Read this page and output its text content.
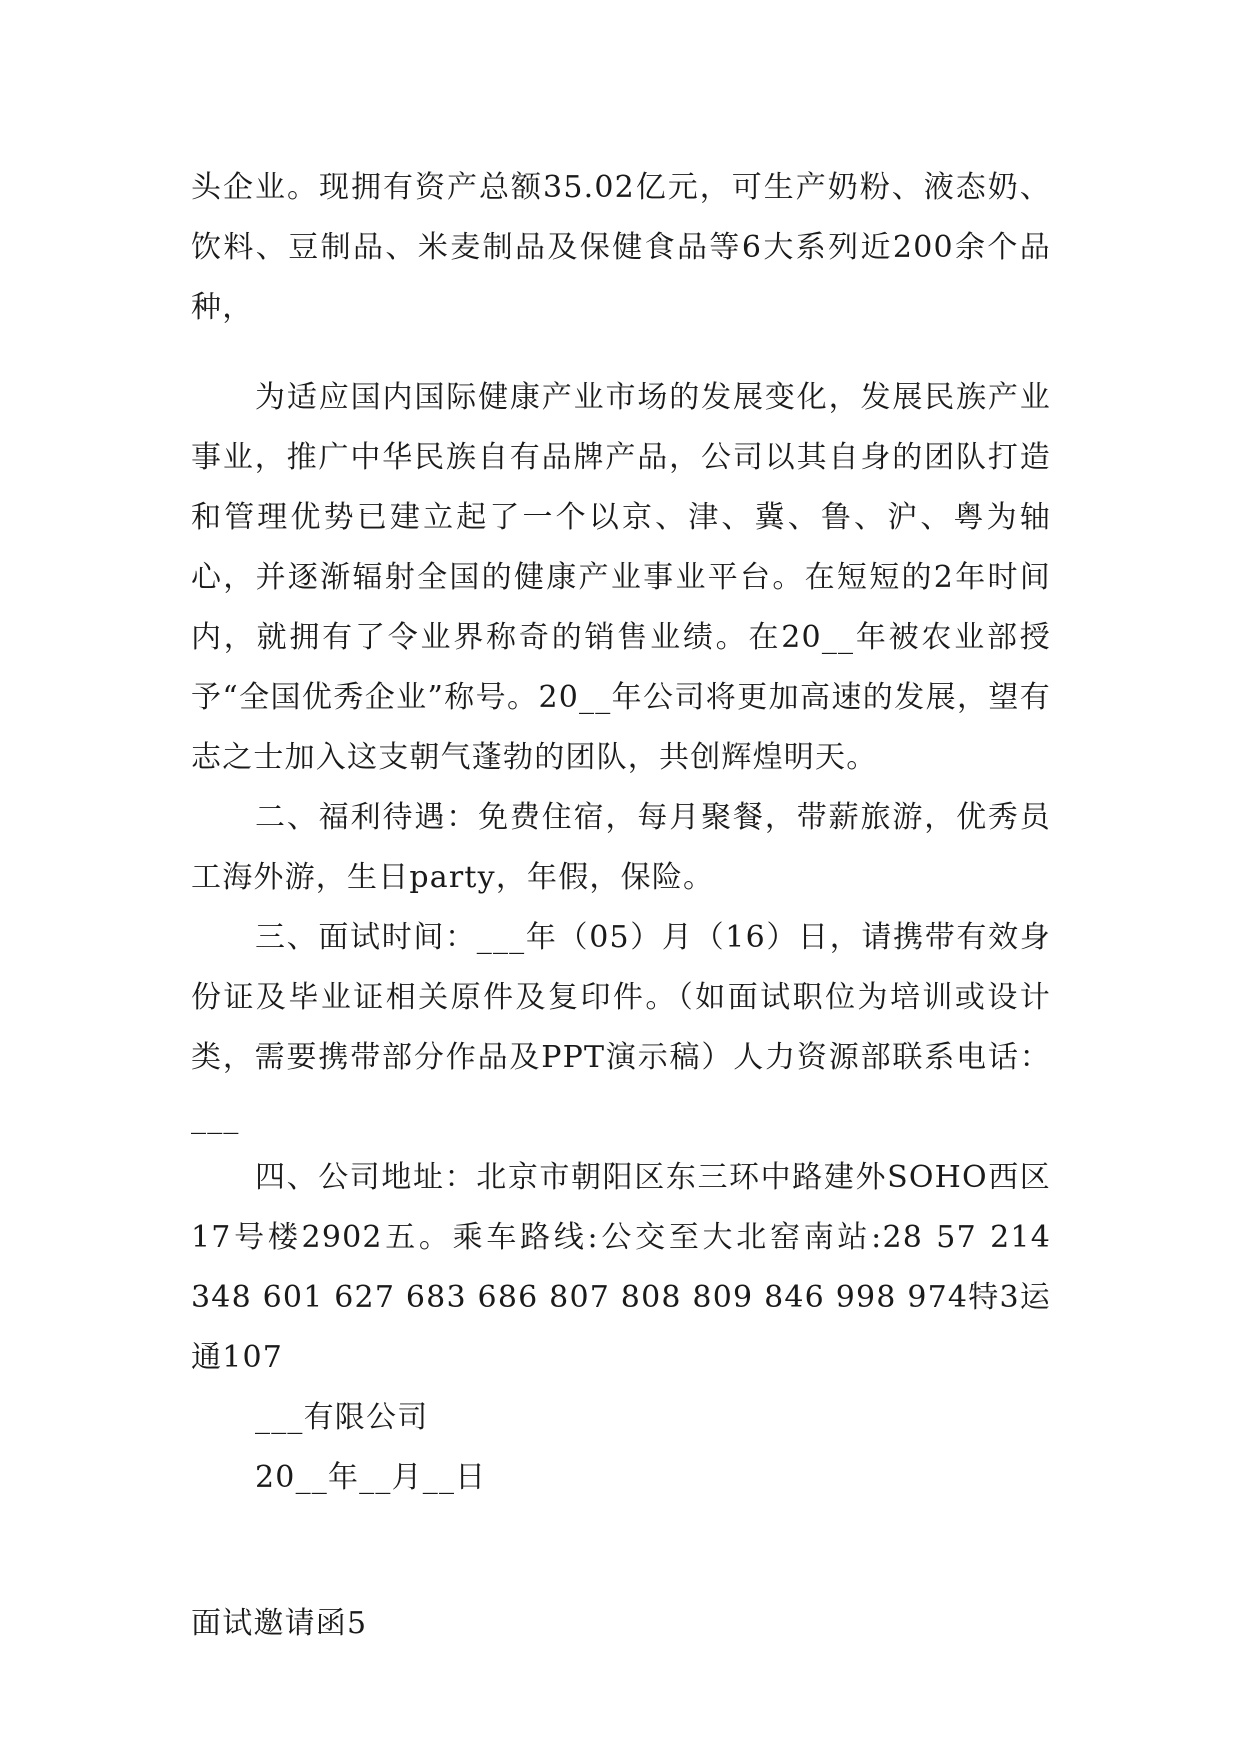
头企业。现拥有资产总额35.02亿元，可生产奶粉、液态奶、饮料、豆制品、米麦制品及保健食品等6大系列近200余个品种，

为适应国内国际健康产业市场的发展变化，发展民族产业事业，推广中华民族自有品牌产品，公司以其自身的团队打造和管理优势已建立起了一个以京、津、冀、鲁、沪、粤为轴心，并逐渐辐射全国的健康产业事业平台。在短短的2年时间内，就拥有了令业界称奇的销售业绩。在20__年被农业部授予“全国优秀企业”称号。20__年公司将更加高速的发展，望有志之士加入这支朝气蓬勃的团队，共创辉煌明天。

二、福利待遇：免费住宿，每月聚餐，带薪旅游，优秀员工海外游，生日party，年假，保险。

三、面试时间：___年（05）月（16）日，请携带有效身份证及毕业证相关原件及复印件。（如面试职位为培训或设计类，需要携带部分作品及PPT演示稿）人力资源部联系电话：___

四、公司地址：北京市朝阳区东三环中路建外SOHO西区17号楼2902五。乘车路线:公交至大北窑南站:28 57 214 348 601 627 683 686 807 808 809 846 998 974特3运通107

___有限公司

20__年__月__日

面试邀请函5
